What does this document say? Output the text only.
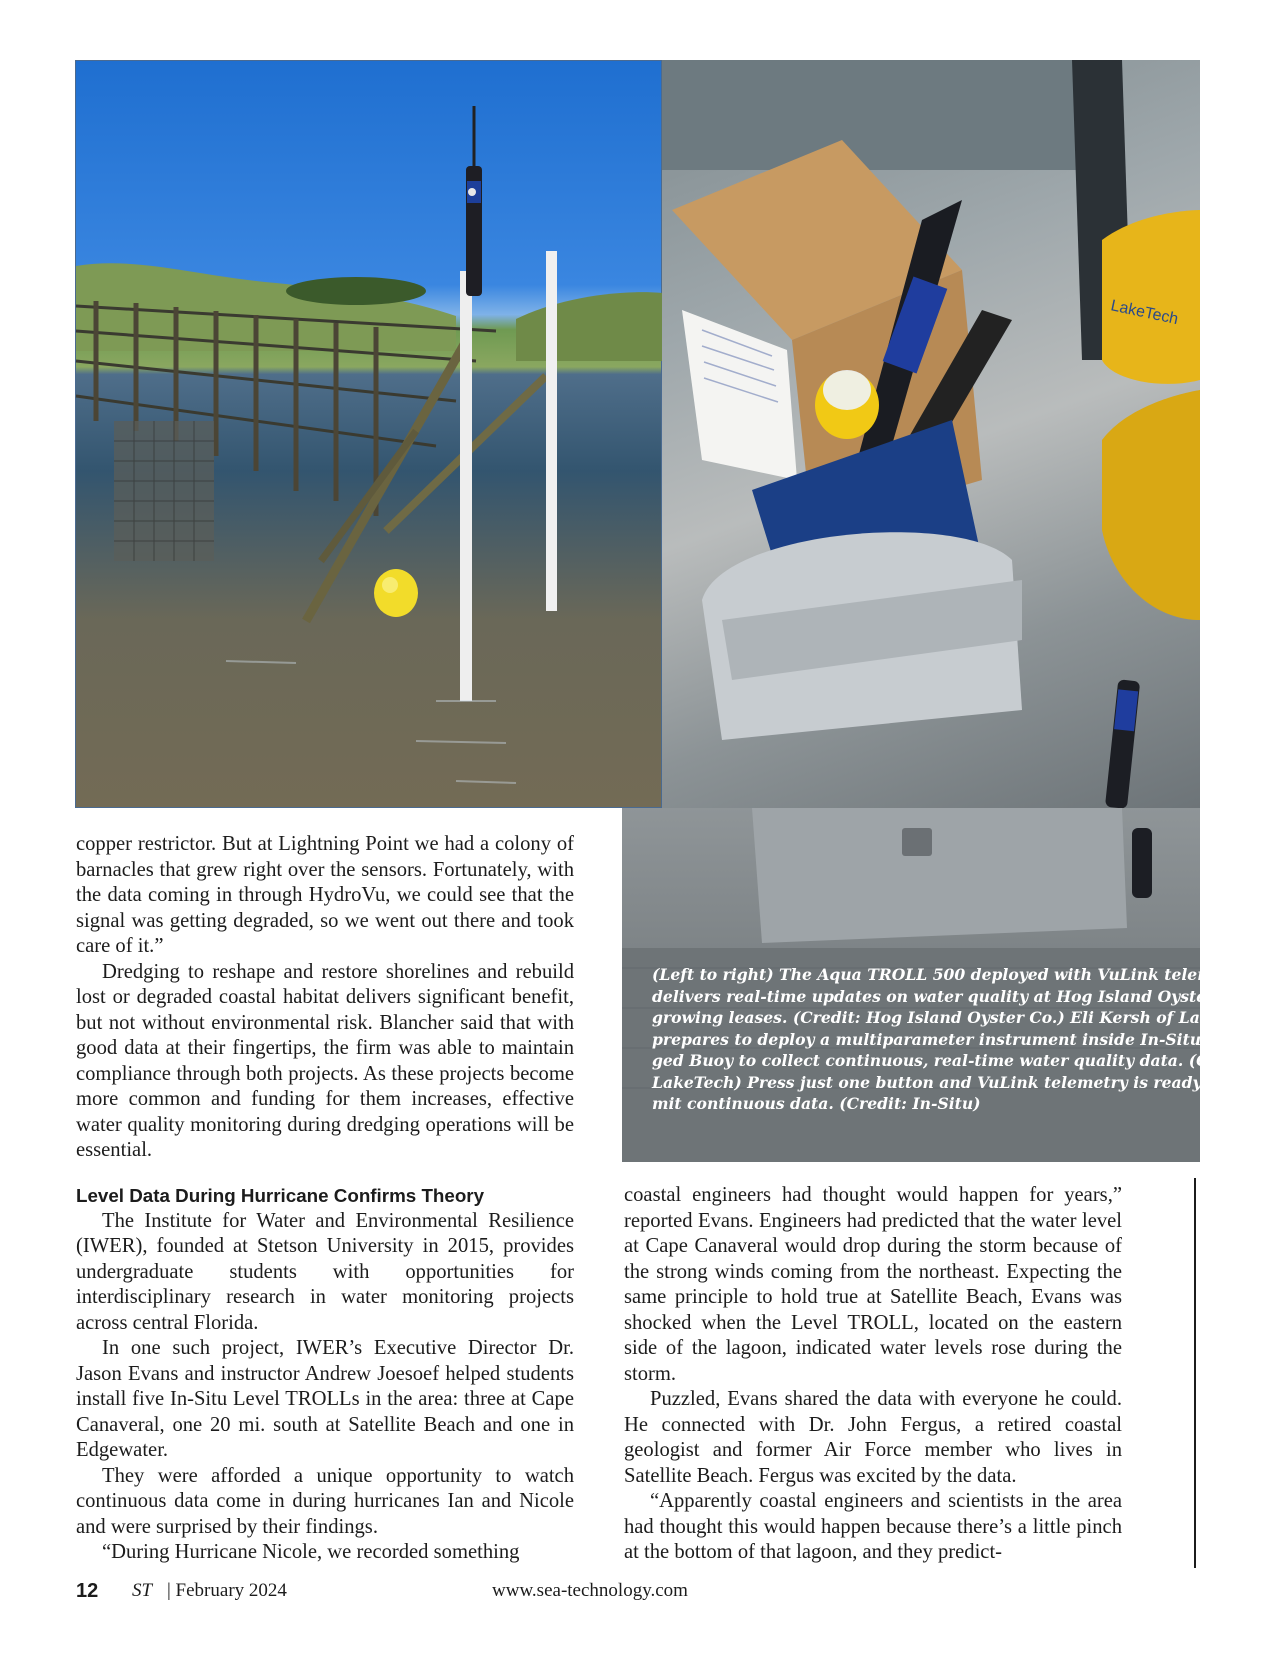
LakeTech
(Left to right) The Aqua TROLL 500 deployed with VuLink telemetr
delivers real-time updates on water quality at Hog Island Oyster Co
growing leases. (Credit: Hog Island Oyster Co.) Eli Kersh of LakeTec
prepares to deploy a multiparameter instrument inside In-Situ’s Rug
ged Buoy to collect continuous, real-time water quality data. (Credi
LakeTech) Press just one button and VuLink telemetry is ready to tran
mit continuous data. (Credit: In-Situ)

copper restrictor. But at Lightning Point we had a colony of barnacles that grew right over the sensors. Fortunately, with the data coming in through HydroVu, we could see that the signal was getting degraded, so we went out there and took care of it.”

Dredging to reshape and restore shorelines and rebuild lost or degraded coastal habitat delivers significant benefit, but not without environmental risk. Blancher said that with good data at their fingertips, the firm was able to maintain compliance through both projects. As these projects become more common and funding for them increases, effective water quality monitoring during dredging operations will be essential.

Level Data During Hurricane Confirms Theory

The Institute for Water and Environmental Resilience (IWER), founded at Stetson University in 2015, provides undergraduate students with opportunities for interdisciplinary research in water monitoring projects across central Florida.

In one such project, IWER’s Executive Director Dr. Jason Evans and instructor Andrew Joesoef helped students install five In-Situ Level TROLLs in the area: three at Cape Canaveral, one 20 mi. south at Satellite Beach and one in Edgewater.

They were afforded a unique opportunity to watch continuous data come in during hurricanes Ian and Nicole and were surprised by their findings.

“During Hurricane Nicole, we recorded something

coastal engineers had thought would happen for years,” reported Evans. Engineers had predicted that the water level at Cape Canaveral would drop during the storm because of the strong winds coming from the northeast. Expecting the same principle to hold true at Satellite Beach, Evans was shocked when the Level TROLL, located on the eastern side of the lagoon, indicated water levels rose during the storm.

Puzzled, Evans shared the data with everyone he could. He connected with Dr. John Fergus, a retired coastal geologist and former Air Force member who lives in Satellite Beach. Fergus was excited by the data.

“Apparently coastal engineers and scientists in the area had thought this would happen because there’s a little pinch at the bottom of that lagoon, and they predict-

12 ST | February 2024	www.sea-technology.com
